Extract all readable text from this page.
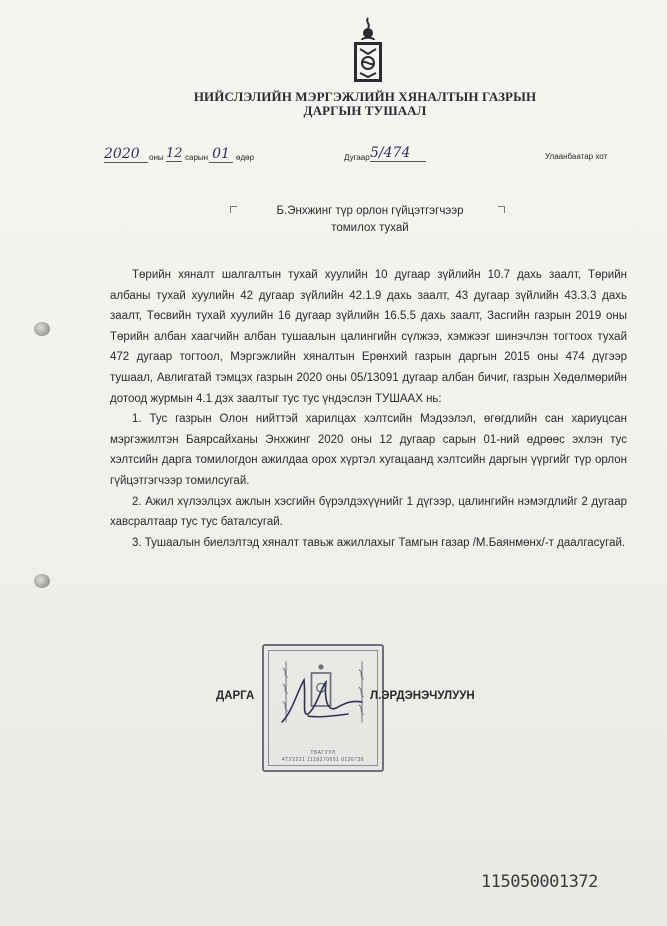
НИЙСЛЭЛИЙН МЭРГЭЖЛИЙН ХЯНАЛТЫН ГАЗРЫН
ДАРГЫН ТУШААЛ
2020	оны 12 сарын 01 өдөр	Дугаар 5/474	Улаанбаатар хот
Б.Энхжинг түр орлон гүйцэтгэгчээр
томилох тухай

Төрийн хяналт шалгалтын тухай хуулийн 10 дугаар зүйлийн 10.7 дахь заалт, Төрийн албаны тухай хуулийн 42 дугаар зүйлийн 42.1.9 дахь заалт, 43 дугаар зүйлийн 43.3.3 дахь заалт, Төсвийн тухай хуулийн 16 дугаар зүйлийн 16.5.5 дахь заалт, Засгийн газрын 2019 оны Төрийн албан хаагчийн албан тушаалын цалингийн сүлжээ, хэмжээг шинэчлэн тогтоох тухай 472 дугаар тогтоол, Мэргэжлийн хяналтын Ерөнхий газрын даргын 2015 оны 474 дүгээр тушаал, Авлигатай тэмцэх газрын 2020 оны 05/13091 дугаар албан бичиг, газрын Хөдөлмөрийн дотоод журмын 4.1 дэх заалтыг тус тус үндэслэн ТУШААХ нь:

1. Тус газрын Олон нийттэй харилцах хэлтсийн Мэдээлэл, өгөгдлийн сан хариуцсан мэргэжилтэн Баярсайханы Энхжинг 2020 оны 12 дугаар сарын 01-ний өдрөөс эхлэн тус хэлтсийн дарга томилогдон ажилдаа орох хүртэл хугацаанд хэлтсийн даргын үүргийг түр орлон гүйцэтгэгчээр томилсугай.

2. Ажил хүлээлцэх ажлын хэсгийн бүрэлдэхүүнийг 1 дүгээр, цалингийн нэмэгдлийг 2 дугаар хавсралтаар тус тус баталсугай.

3. Тушаалын биелэлтэд хяналт тавьж ажиллахыг Тамгын газар /М.Баянмөнх/-т даалгасугай.

ТБАГУУЛ
4ТУ2221 1118270601 0126736
ДАРГА	Л.ЭРДЭНЭЧУЛУУН
115050001372
